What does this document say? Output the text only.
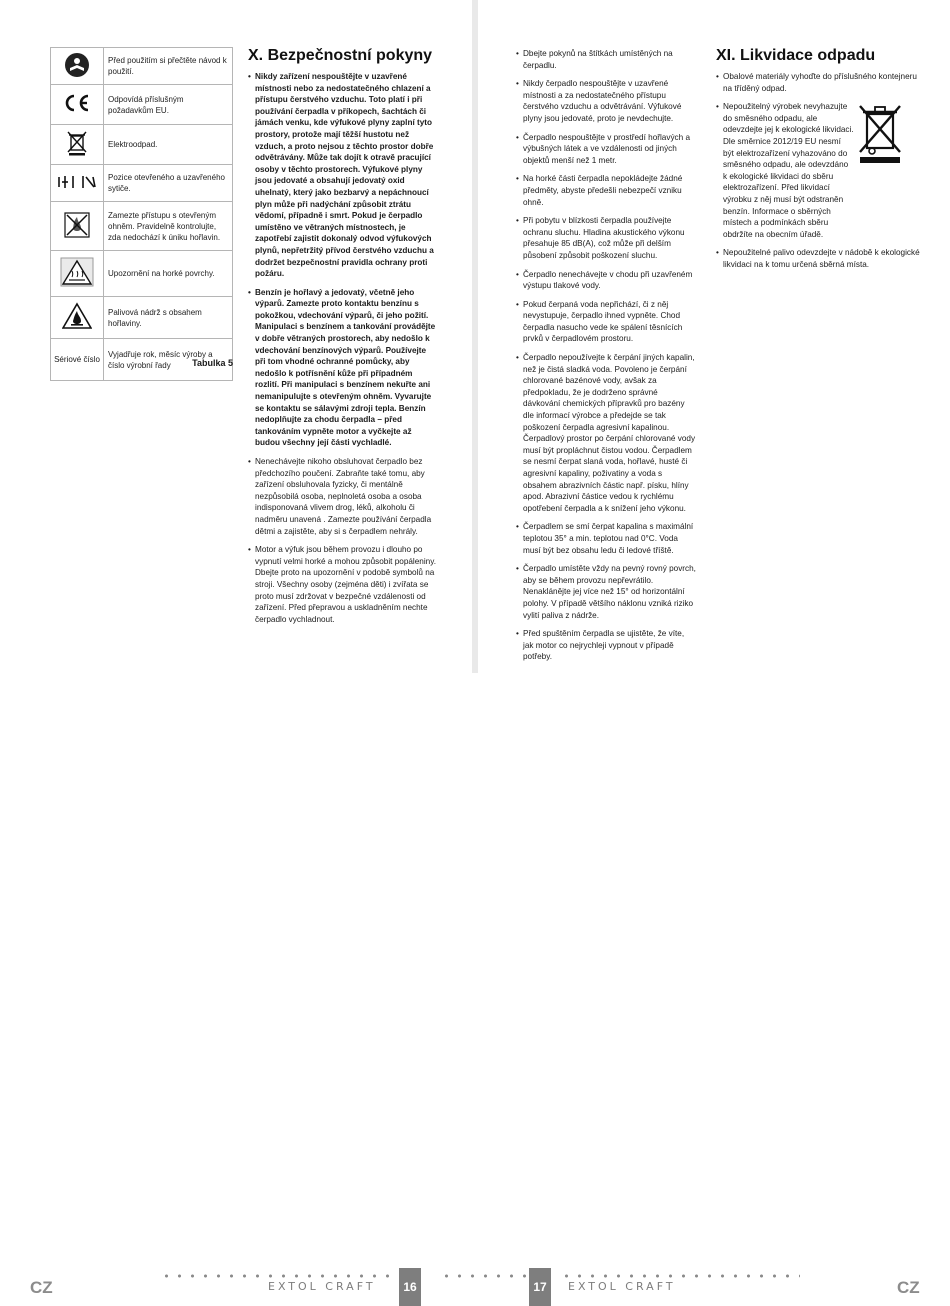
	Před použitím si přečtěte návod k použití.
	Odpovídá příslušným požadavkům EU.
	Elektroodpad.
	Pozice otevřeného a uzavřeného sytiče.
	Zamezte přístupu s otevřeným ohněm. Pravidelně kontrolujte, zda nedochází k úniku hořlavin.
	Upozornění na horké povrchy.
	Palivová nádrž s obsahem hořlaviny.
Sériové číslo	Vyjadřuje rok, měsíc výroby a číslo výrobní řady	Tabulka 5
X. Bezpečnostní pokyny
• Nikdy zařízení nespouštějte v uzavřené místnosti nebo za nedostatečného chlazení a přístupu čerstvého vzduchu. Toto platí i při používání čerpadla v příkopech, šachtách či jámách venku, kde výfukové plyny zaplní tyto prostory, protože mají těžší hustotu než vzduch, a proto nejsou z těchto prostor dobře odvětrávány. Může tak dojít k otravě pracující osoby v těchto prostorech. Výfukové plyny jsou jedovaté a obsahují jedovatý oxid uhelnatý, který jako bezbarvý a nepáchnoucí plyn může při nadýchání způsobit ztrátu vědomí, případně i smrt. Pokud je čerpadlo umístěno ve větraných místnostech, je zapotřebí zajistit dokonalý odvod výfukových plynů, nepřetržitý přívod čerstvého vzduchu a dodržet bezpečnostní pravidla ochrany proti požáru.
• Benzín je hořlavý a jedovatý, včetně jeho výparů. Zamezte proto kontaktu benzínu s pokožkou, vdechování výparů, či jeho požití. Manipulaci s benzínem a tankování provádějte v dobře větraných prostorech, aby nedošlo k vdechování benzínových výparů. Používejte při tom vhodné ochranné pomůcky, aby nedošlo k potřísnění kůže při případném rozlití. Při manipulaci s benzínem nekuřte ani nemanipulujte s otevřeným ohněm. Vyvarujte se kontaktu se sálavými zdroji tepla. Benzín nedoplňujte za chodu čerpadla – před tankováním vypněte motor a vyčkejte až budou všechny její části vychladlé.
• Nenechávejte nikoho obsluhovat čerpadlo bez předchozího poučení. Zabraňte také tomu, aby zařízení obsluhovala fyzicky, či mentálně nezpůsobilá osoba, neplnoletá osoba a osoba indisponovaná vlivem drog, léků, alkoholu či nadměru unavená . Zamezte používání čerpadla dětmi a zajistěte, aby si s čerpadlem nehrály.
• Motor a výfuk jsou během provozu i dlouho po vypnutí velmi horké a mohou způsobit popáleniny. Dbejte proto na upozornění v podobě symbolů na stroji. Všechny osoby (zejména děti) i zvířata se proto musí zdržovat v bezpečné vzdálenosti od zařízení. Před přepravou a uskladněním nechte čerpadlo vychladnout.
• Dbejte pokynů na štítkách umístěných na čerpadlu.
• Nikdy čerpadlo nespouštějte v uzavřené místnosti a za nedostatečného přístupu čerstvého vzduchu a odvětrávání. Výfukové plyny jsou jedovaté, proto je nevdechujte.
• Čerpadlo nespouštějte v prostředí hořlavých a výbušných látek a ve vzdálenosti od jiných objektů menší než 1 metr.
• Na horké části čerpadla nepokládejte žádné předměty, abyste předešli nebezpečí vzniku ohně.
• Při pobytu v blízkosti čerpadla používejte ochranu sluchu. Hladina akustického výkonu přesahuje 85 dB(A), což může při delším působení způsobit poškození sluchu.
• Čerpadlo nenechávejte v chodu při uzavřeném výstupu tlakové vody.
• Pokud čerpaná voda nepřichází, či z něj nevystupuje, čerpadlo ihned vypněte. Chod čerpadla nasucho vede ke spálení těsnících prvků v čerpadlovém prostoru.
• Čerpadlo nepoužívejte k čerpání jiných kapalin, než je čistá sladká voda. Povoleno je čerpání chlorované bazénové vody, avšak za předpokladu, že je dodrženo správné dávkování chemických přípravků pro bazény dle informací výrobce a předejde se tak poškození čerpadla agresivní kapalinou. Čerpadlový prostor po čerpání chlorované vody musí být propláchnut čistou vodou. Čerpadlem se nesmí čerpat slaná voda, hořlavé, husté či agresivní kapaliny, poživatiny a voda s obsahem abrazivních částic např. písku, hlíny apod. Abrazivní částice vedou k rychlému opotřebení čerpadla a k snížení jeho výkonu.
• Čerpadlem se smí čerpat kapalina s maximální teplotou 35° a min. teplotou nad 0°C. Voda musí být bez obsahu ledu či ledové tříště.
• Čerpadlo umístěte vždy na pevný rovný povrch, aby se během provozu nepřevrátilo. Nenaklánějte jej více než 15° od horizontální polohy. V případě většího náklonu vzniká riziko vylití paliva z nádrže.
• Před spuštěním čerpadla se ujistěte, že víte, jak motor co nejrychleji vypnout v případě potřeby.
XI. Likvidace odpadu
• Obalové materiály vyhoďte do příslušného kontejneru na tříděný odpad.
• Nepoužitelný výrobek nevyhazujte do směsného odpadu, ale odevzdejte jej k ekologické likvidaci. Dle směrnice 2012/19 EU nesmí být elektrozařízení vyhazováno do směsného odpadu, ale odevzdáno k ekologické likvidaci do sběru elektrozařízení. Před likvidací výrobku z něj musí být odstraněn benzín. Informace o sběrných místech a podmínkách sběru obdržíte na obecním úřadě.
• Nepoužitelné palivo odevzdejte v nádobě k ekologické likvidaci na k tomu určená sběrná místa.
CZ	EXTOL CRAFT	16	17	EXTOL CRAFT	CZ
